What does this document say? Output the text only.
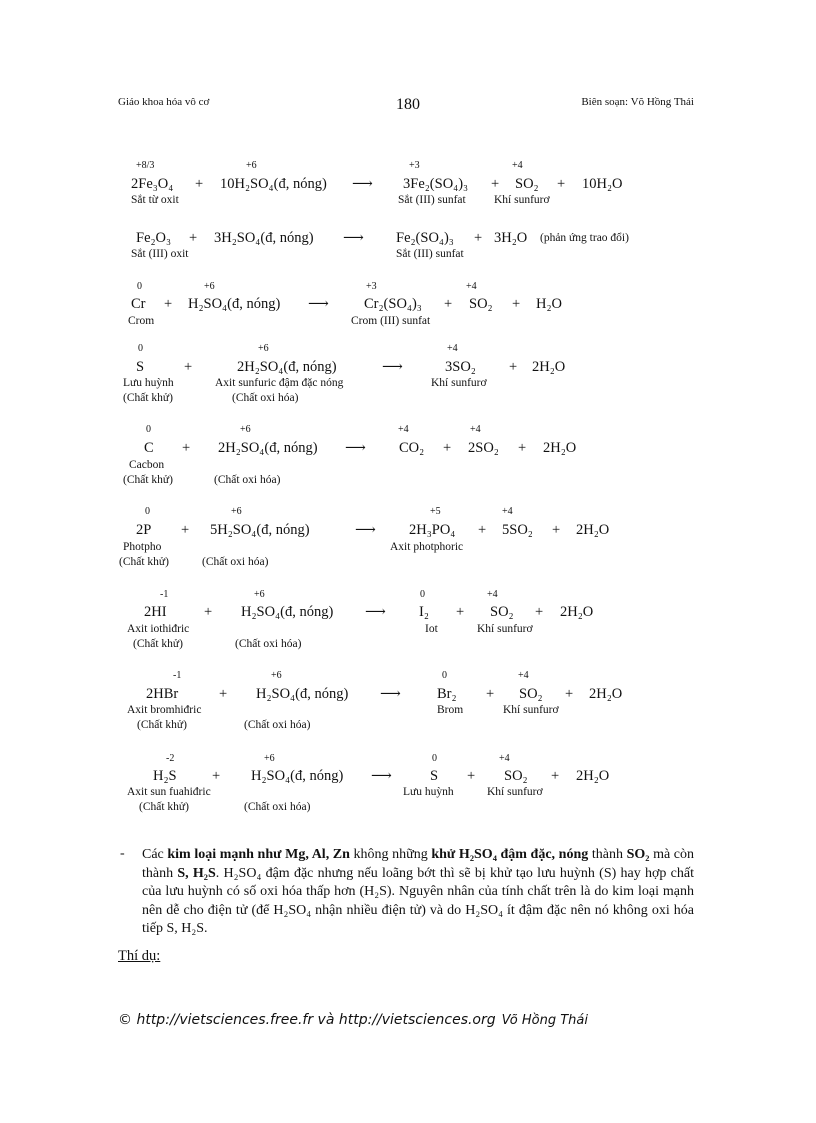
Giáo khoa hóa vô cơ	180	Biên soạn: Võ Hồng Thái
+8/3	+6	+3	+4
2Fe₃O₄ + 10H₂SO₄(đ, nóng) ⟶ 3Fe₂(SO₄)₃ + SO₂ + 10H₂O
Sắt từ oxit	Sắt (III) sunfat Khí sunfurơ
Fe₂O₃ + 3H₂SO₄(đ, nóng) ⟶ Fe₂(SO₄)₃ + 3H₂O (phản ứng trao đổi)
Sắt (III) oxit	Sắt (III) sunfat
0	+6	+3	+4
Cr + H₂SO₄(đ, nóng) ⟶ Cr₂(SO₄)₃ + SO₂ + H₂O
Crom	Crom (III) sunfat
0	+6	+4
S	+	2H₂SO₄(đ, nóng)	⟶	3SO₂ + 2H₂O
Lưu huỳnh	Axit sunfuric đậm đặc nóng	Khí sunfurơ
(Chất khử)	(Chất oxi hóa)
0	+6	+4	+4
C + 2H₂SO₄(đ, nóng) ⟶ CO₂ + 2SO₂ + 2H₂O
Cacbon
(Chất khử)	(Chất oxi hóa)
0	+6	+5	+4
2P + 5H₂SO₄(đ, nóng)	⟶ 2H₃PO₄ + 5SO₂ + 2H₂O
Photpho	Axit photphoric
(Chất khử)	(Chất oxi hóa)
-1	+6	0	+4
2HI	+ H₂SO₄(đ, nóng) ⟶ I₂ + SO₂ + 2H₂O
Axit iothiđric	Iot	Khí sunfurơ
(Chất khử)	(Chất oxi hóa)
-1	+6	0	+4
2HBr	+ H₂SO₄(đ, nóng) ⟶ Br₂ + SO₂ + 2H₂O
Axit bromhiđric	Brom	Khí sunfurơ
(Chất khử)	(Chất oxi hóa)
-2	+6	0	+4
H₂S + H₂SO₄(đ, nóng) ⟶	S + SO₂ + 2H₂O
Axit sun fuahiđric	Lưu huỳnh	Khí sunfurơ
(Chất khử)	(Chất oxi hóa)
- Các kim loại mạnh như Mg, Al, Zn không những khử H₂SO₄ đậm đặc, nóng thành SO₂ mà còn thành S, H₂S. H₂SO₄ đậm đặc nhưng nếu loãng bớt thì sẽ bị khử tạo lưu huỳnh (S) hay hợp chất của lưu huỳnh có số oxi hóa thấp hơn (H₂S). Nguyên nhân của tính chất trên là do kim loại mạnh nên dễ cho điện tử (để H₂SO₄ nhận nhiều điện tử) và do H₂SO₄ ít đậm đặc nên nó không oxi hóa tiếp S, H₂S.
Thí dụ:
© http://vietsciences.free.fr và http://vietsciences.org Võ Hồng Thái
